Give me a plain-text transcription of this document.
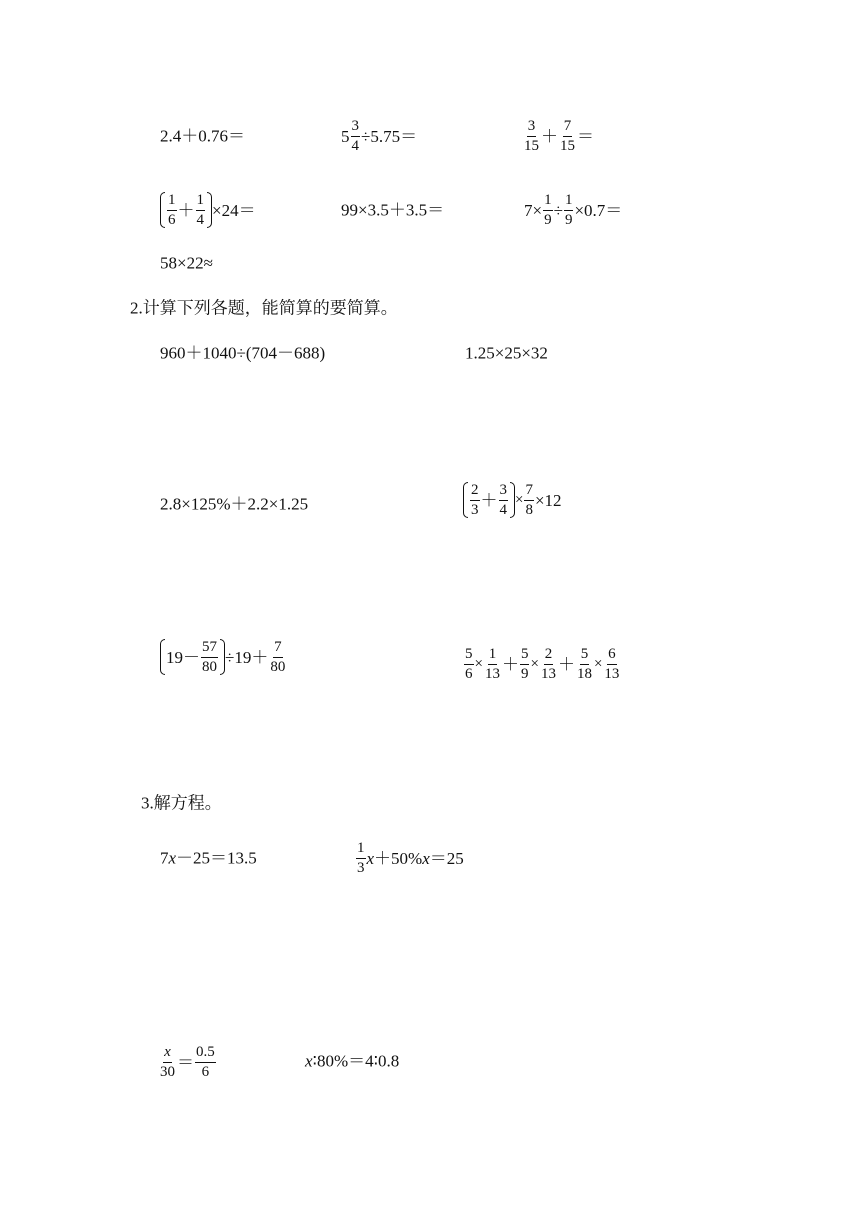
2.4＋0.76＝	$5 \frac{3}{4} \div 5.75=$	$\frac{3}{15} + \frac{7}{15}$ ＝
$\frac{1}{6} + \frac{1}{4} \times 24=$	99×3.5＋3.5＝	$7\times \frac{1}{9} \div \frac{1}{9} \times 0.7=$
58×22≈
2.计算下列各题，能简算的要简算。
960＋1040÷(704－688)	1.25×25×32
2.8×125%＋2.2×1.25	$\frac{2}{3} + \frac{3}{4} \times \frac{7}{8} \times 12$
$19- \frac{57}{80} \div 19+ \frac{7}{80}$	$\frac{5}{6} \times \frac{1}{13} + \frac{5}{9} \times \frac{2}{13} + \frac{5}{18} \times \frac{6}{13}$
3.解方程。
7 x －25＝13.5	$\frac{1}{3}$ x ＋50% x ＝25
$\frac{x}{30} = \frac{0.5}{6}$	x ∶80%＝4∶0.8
